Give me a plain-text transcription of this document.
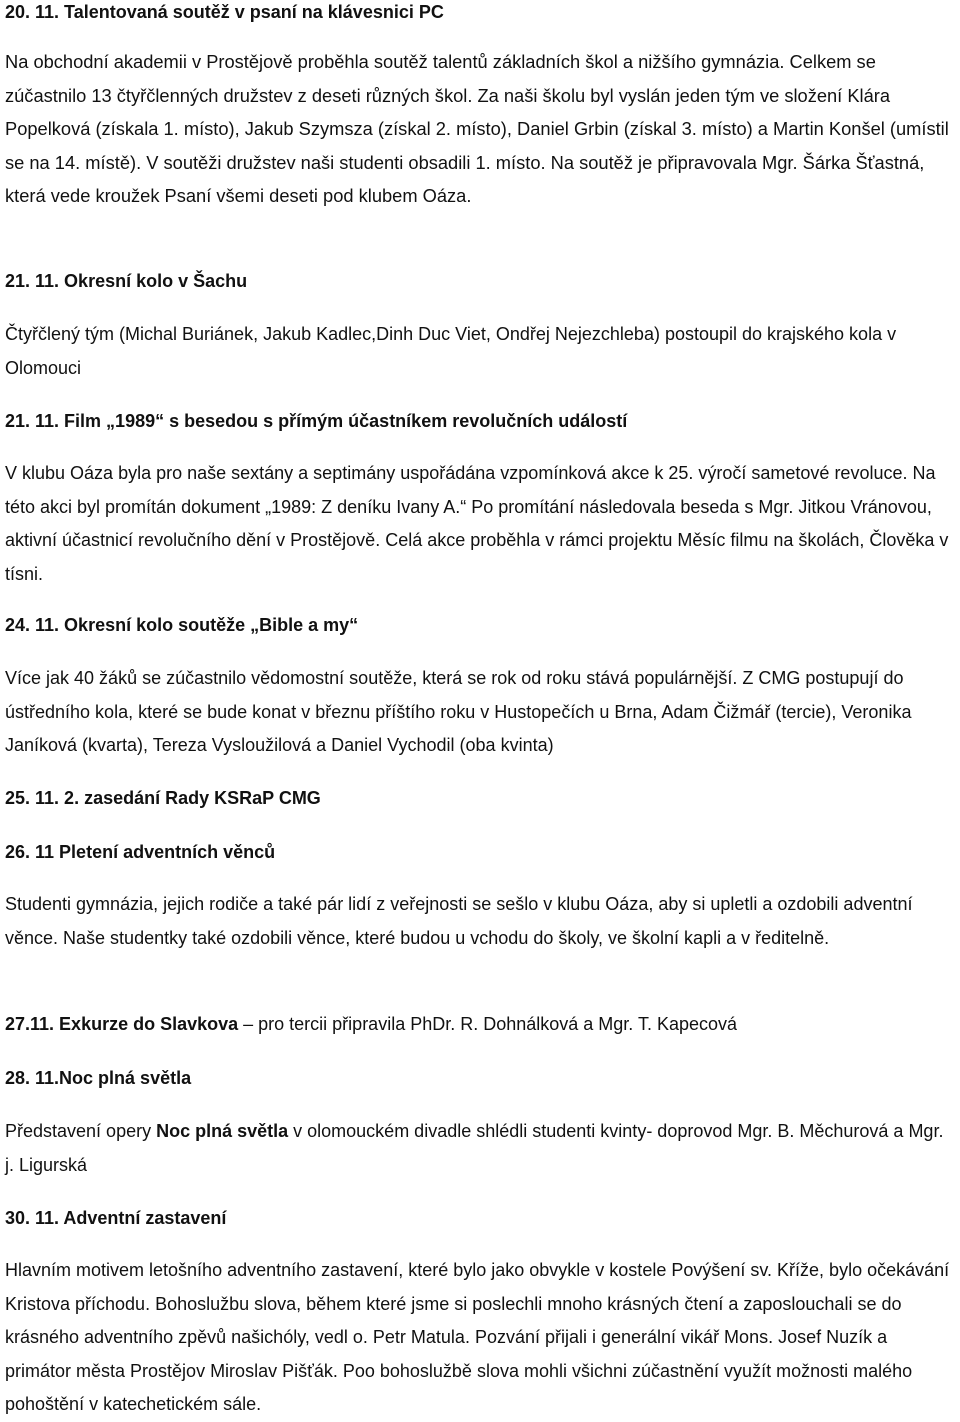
20. 11. Talentovaná soutěž v psaní na klávesnici PC

Na obchodní akademii v Prostějově proběhla soutěž talentů základních škol a nižšího gymnázia. Celkem se zúčastnilo 13 čtyřčlenných družstev z deseti různých škol. Za naši školu byl vyslán jeden tým ve složení Klára Popelková (získala 1. místo), Jakub Szymsza (získal 2. místo), Daniel Grbin (získal 3. místo) a Martin Konšel (umístil se na 14. místě). V soutěži družstev naši studenti obsadili 1. místo. Na soutěž je připravovala Mgr. Šárka Šťastná, která vede kroužek Psaní všemi deseti pod klubem Oáza.

21. 11. Okresní kolo v Šachu

Čtyřčlený tým (Michal Buriánek, Jakub Kadlec,Dinh Duc Viet, Ondřej Nejezchleba) postoupil do krajského kola v Olomouci

21. 11. Film „1989“ s besedou s přímým účastníkem revolučních událostí

V klubu Oáza byla pro naše sextány a septimány uspořádána vzpomínková akce k 25. výročí sametové revoluce. Na této akci byl promítán dokument „1989: Z deníku Ivany A.“ Po promítání následovala beseda s Mgr. Jitkou Vránovou, aktivní účastnicí revolučního dění v Prostějově. Celá akce proběhla v rámci projektu Měsíc filmu na školách, Člověka v tísni.

24. 11. Okresní kolo soutěže „Bible a my“

Více jak 40 žáků se zúčastnilo vědomostní soutěže, která se rok od roku stává populárnější. Z CMG postupují do ústředního kola, které se bude konat v březnu příštího roku v Hustopečích u Brna, Adam Čižmář (tercie), Veronika Janíková (kvarta), Tereza Vysloužilová a Daniel Vychodil (oba kvinta)

25. 11. 2. zasedání Rady KSRaP CMG
26. 11 Pletení adventních věnců

Studenti gymnázia, jejich rodiče a také pár lidí z veřejnosti se sešlo v klubu Oáza, aby si upletli a ozdobili adventní věnce. Naše studentky také ozdobili věnce, které budou u vchodu do školy, ve školní kapli a v ředitelně.

27.11. Exkurze do Slavkova – pro tercii připravila PhDr. R. Dohnálková a Mgr. T. Kapecová
28. 11.Noc plná světla

Představení opery Noc plná světla v olomouckém divadle shlédli studenti kvinty- doprovod Mgr. B. Měchurová a Mgr. j. Ligurská

30. 11. Adventní zastavení

Hlavním motivem letošního adventního zastavení, které bylo jako obvykle v kostele Povýšení sv. Kříže, bylo očekávání Kristova příchodu. Bohoslužbu slova, během které jsme si poslechli mnoho krásných čtení a zaposlouchali se do krásného adventního zpěvů našichóly, vedl o. Petr Matula. Pozvání přijali i generální vikář Mons. Josef Nuzík a primátor města Prostějov Miroslav Pišťák. Poo bohoslužbě slova mohli všichni zúčastnění využít možnosti malého pohoštění v katechetickém sále.
